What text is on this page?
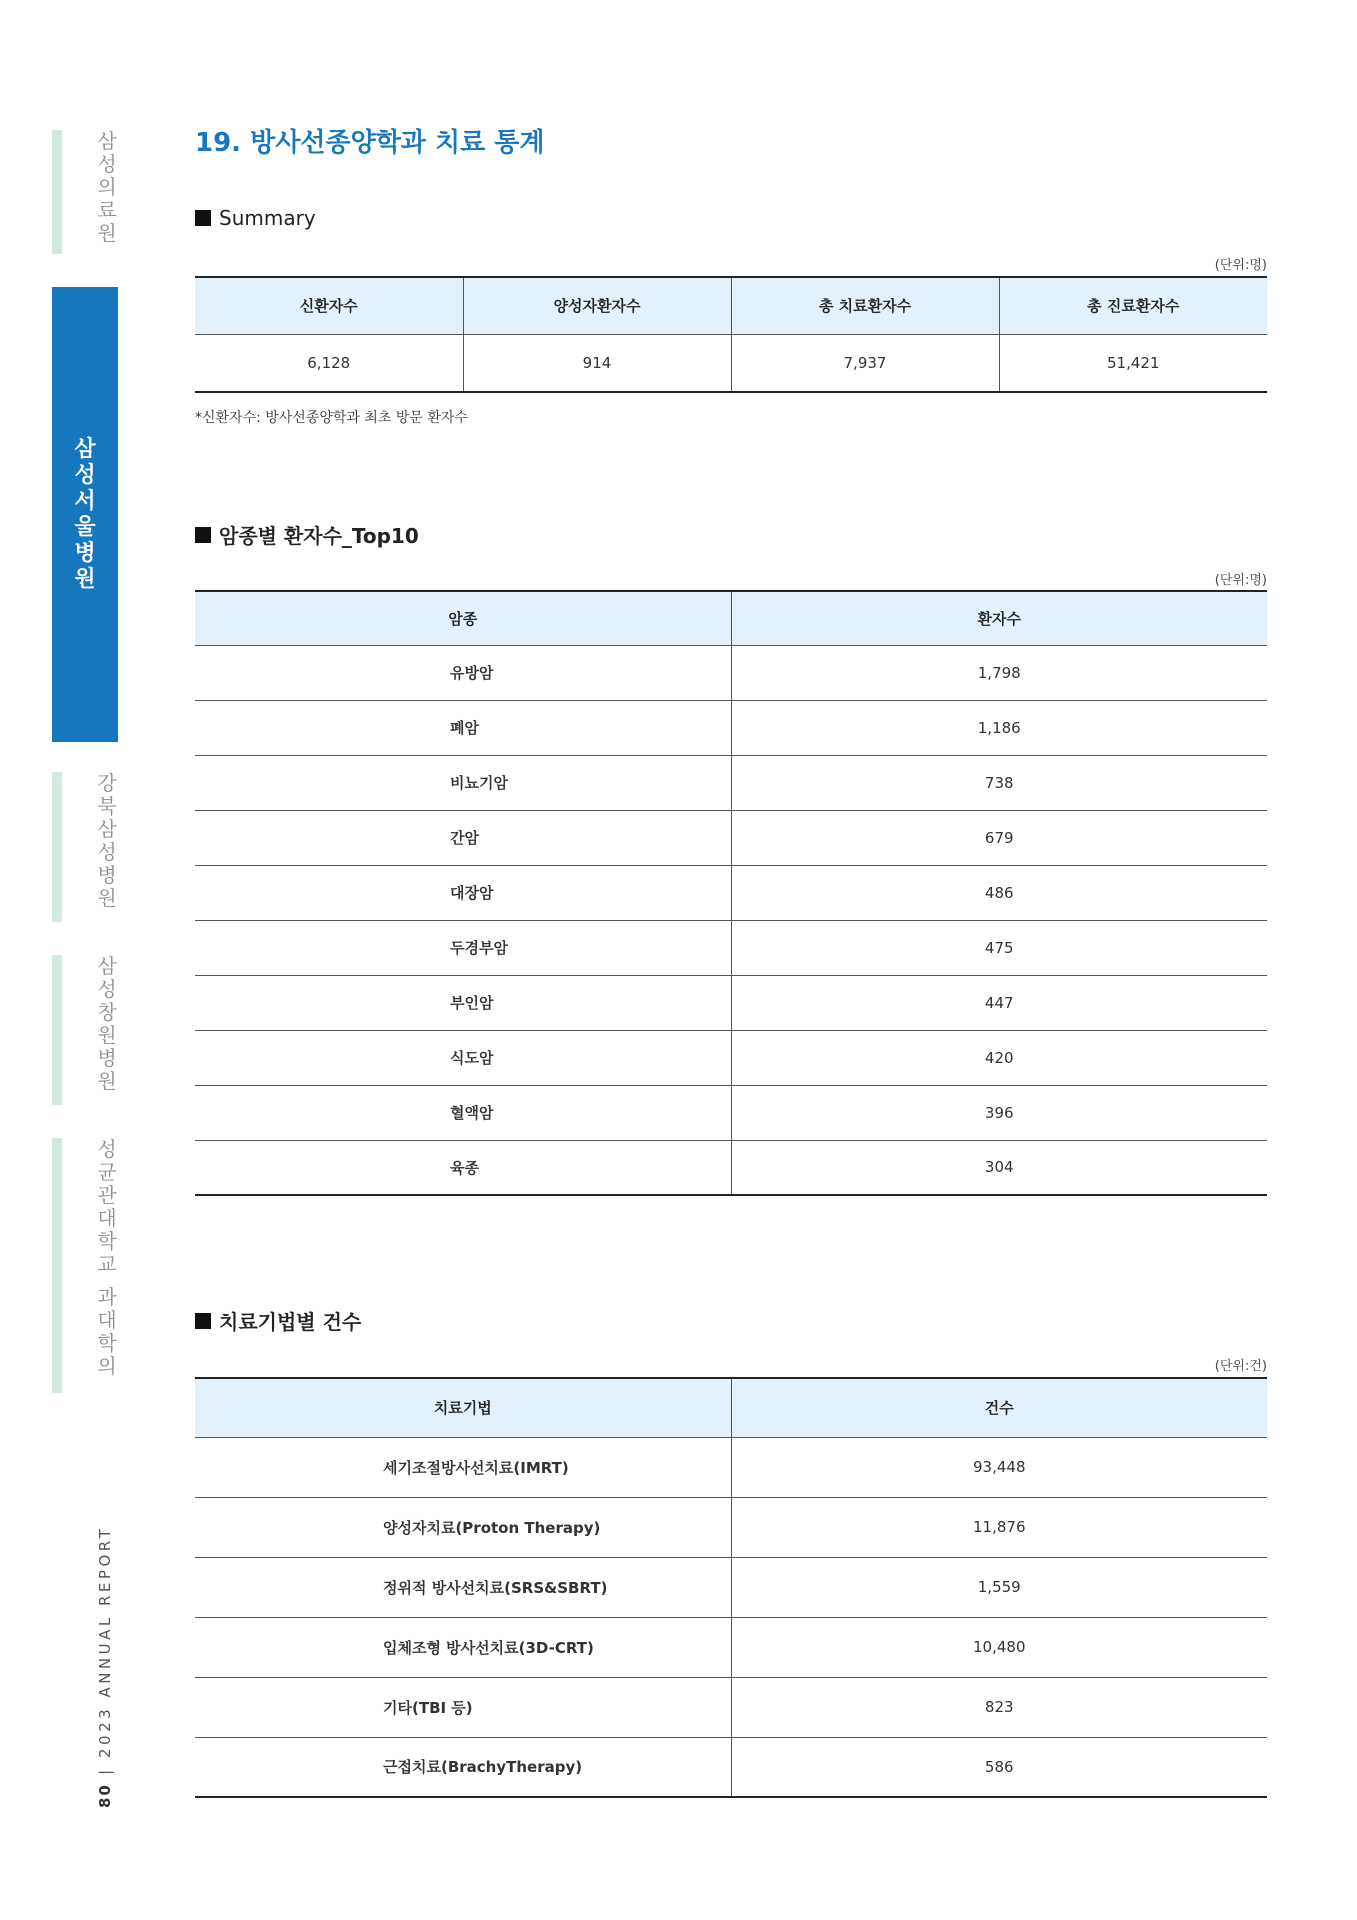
삼
성
의
료
원
삼
성
서
울
병
원
강
북
삼
성
병
원
삼
성
창
원
병
원
성
균
관
대
학
교
과
대
학
의
80 | 2023 ANNUAL REPORT
19. 방사선종양학과 치료 통계
Summary
(단위:명)
신환자수	양성자환자수	총 치료환자수	총 진료환자수
6,128	914	7,937	51,421
*신환자수: 방사선종양학과 최초 방문 환자수
암종별 환자수_Top10
(단위:명)
암종	환자수
유방암	1,798
폐암	1,186
비뇨기암	738
간암	679
대장암	486
두경부암	475
부인암	447
식도암	420
혈액암	396
육종	304
치료기법별 건수
(단위:건)
치료기법	건수
세기조절방사선치료(IMRT)	93,448
양성자치료(Proton Therapy)	11,876
정위적 방사선치료(SRS&SBRT)	1,559
입체조형 방사선치료(3D-CRT)	10,480
기타(TBI 등)	823
근접치료(BrachyTherapy)	586
